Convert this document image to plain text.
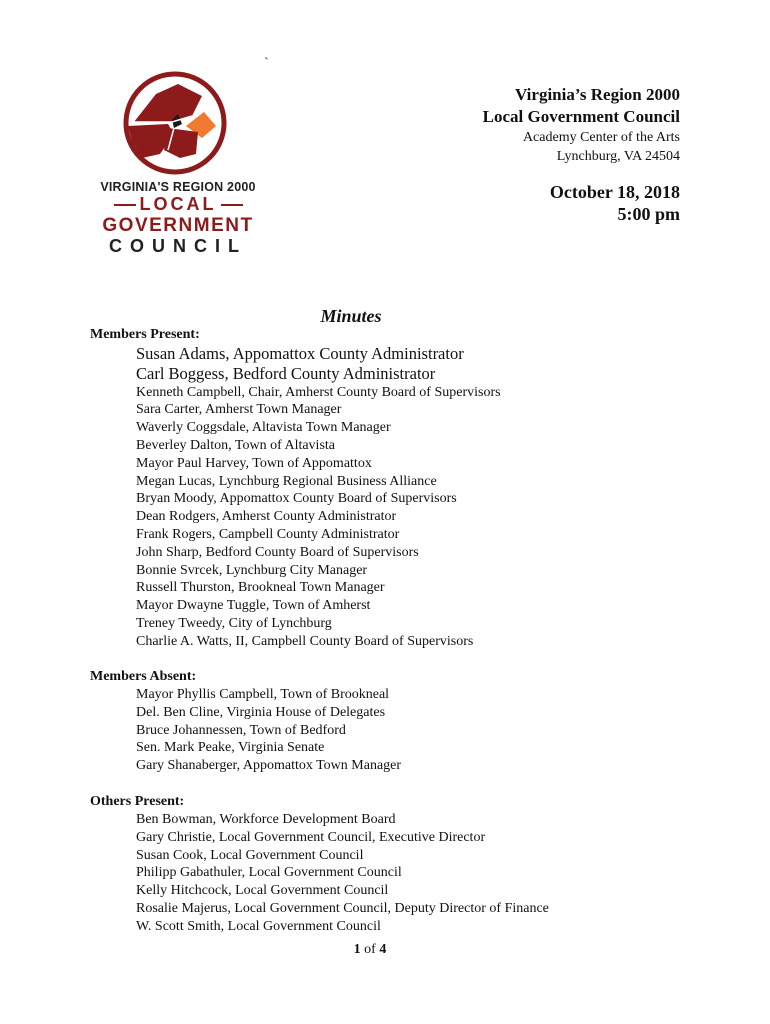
`
VIRGINIA'S REGION 2000
LOCAL
GOVERNMENT
COUNCIL
Virginia’s Region 2000
Local Government Council
Academy Center of the Arts
Lynchburg, VA 24504
October 18, 2018
5:00 pm
Minutes
Members Present:
Susan Adams, Appomattox County Administrator
Carl Boggess, Bedford County Administrator
Kenneth Campbell, Chair, Amherst County Board of Supervisors
Sara Carter, Amherst Town Manager
Waverly Coggsdale, Altavista Town Manager
Beverley Dalton, Town of Altavista
Mayor Paul Harvey, Town of Appomattox
Megan Lucas, Lynchburg Regional Business Alliance
Bryan Moody, Appomattox County Board of Supervisors
Dean Rodgers, Amherst County Administrator
Frank Rogers, Campbell County Administrator
John Sharp, Bedford County Board of Supervisors
Bonnie Svrcek, Lynchburg City Manager
Russell Thurston, Brookneal Town Manager
Mayor Dwayne Tuggle, Town of Amherst
Treney Tweedy, City of Lynchburg
Charlie A. Watts, II, Campbell County Board of Supervisors
Members Absent:
Mayor Phyllis Campbell, Town of Brookneal
Del. Ben Cline, Virginia House of Delegates
Bruce Johannessen, Town of Bedford
Sen. Mark Peake, Virginia Senate
Gary Shanaberger, Appomattox Town Manager
Others Present:
Ben Bowman, Workforce Development Board
Gary Christie, Local Government Council, Executive Director
Susan Cook, Local Government Council
Philipp Gabathuler, Local Government Council
Kelly Hitchcock, Local Government Council
Rosalie Majerus, Local Government Council, Deputy Director of Finance
W. Scott Smith, Local Government Council
1 of 4
